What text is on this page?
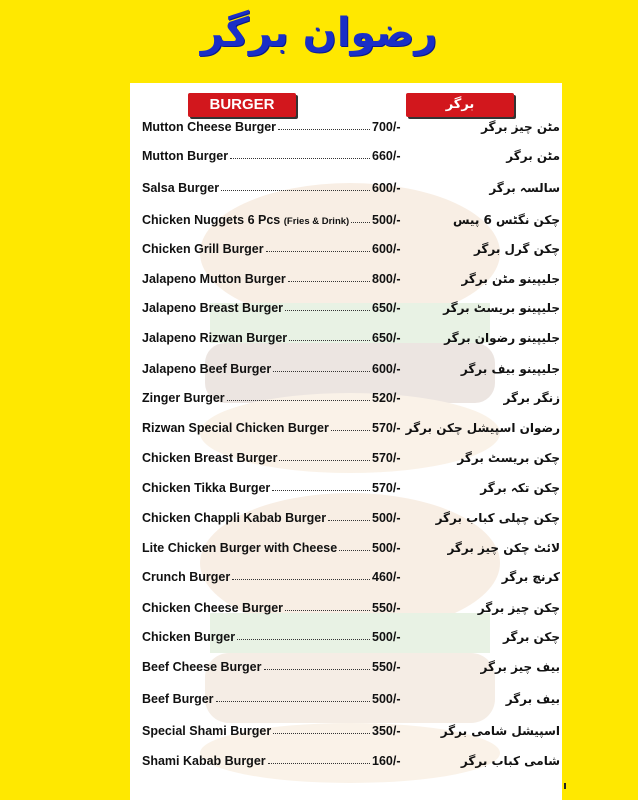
رضوان برگر
BURGER	برگر
Mutton Cheese Burger	700/-	مٹن چیز برگر
Mutton Burger	660/-	مٹن برگر
Salsa Burger	600/-	سالسہ برگر
Chicken Nuggets 6 Pcs (Fries & Drink) 500/-	چکن نگٹس 6 پیس
Chicken Grill Burger	600/-	چکن گرل برگر
Jalapeno Mutton Burger	800/-	جلیپینو مٹن برگر
Jalapeno Breast Burger	650/-	جلیپینو بریسٹ برگر
Jalapeno Rizwan Burger	650/-	جلیپینو رضوان برگر
Jalapeno Beef Burger	600/-	جلیپینو بیف برگر
Zinger Burger	520/-	زنگر برگر
Rizwan Special Chicken Burger	570/- رضوان اسپیشل چکن برگر
Chicken Breast Burger	570/-	چکن بریسٹ برگر
Chicken Tikka Burger	570/-	چکن تکہ برگر
Chicken Chappli Kabab Burger	500/-	چکن چپلی کباب برگر
Lite Chicken Burger with Cheese	500/-	لائٹ چکن چیز برگر
Crunch Burger	460/-	کرنچ برگر
Chicken Cheese Burger	550/-	چکن چیز برگر
Chicken Burger	500/-	چکن برگر
Beef Cheese Burger	550/-	بیف چیز برگر
Beef Burger	500/-	بیف برگر
Special Shami Burger	350/-	اسپیشل شامی برگر
Shami Kabab Burger	160/-	شامی کباب برگر
